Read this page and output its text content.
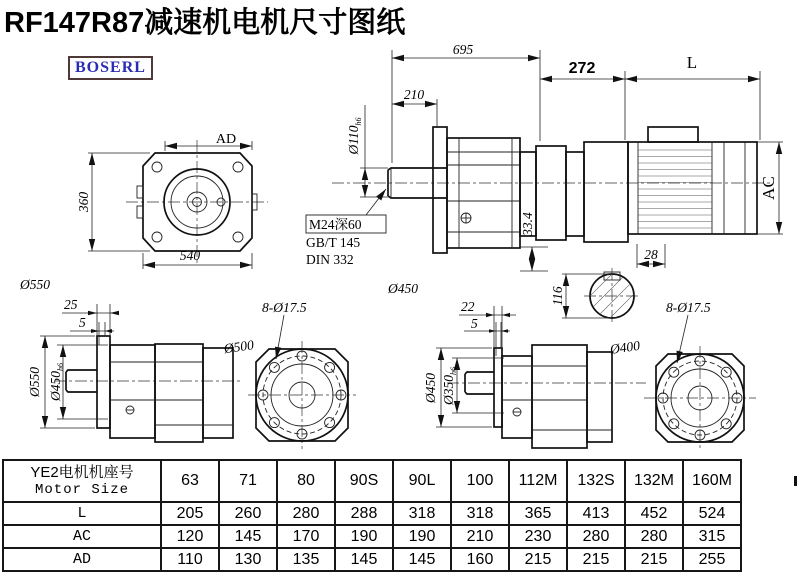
RF147R87减速机电机尺寸图纸
BOSERL
AD
360
540
Ø550
695
210
$Ø110_{h6}$
M24深60
GB/T 145
DIN 332
Ø450
272	L
AC
33.4
28
116
25
5
Ø550 $Ø450_{h6}$
8-Ø17.5
Ø500
22
5
Ø450 $Ø350_{h6}$
8-Ø17.5
Ø400
YE2电机机座号
Motor Size
63	71	80	90S	90L	100	112M	132S	132M	160M
L	205	260	280	288	318	318	365	413	452	524
AC	120	145	170	190	190	210	230	280	280	315
AD	110	130	135	145	145	160	215	215	215	255
